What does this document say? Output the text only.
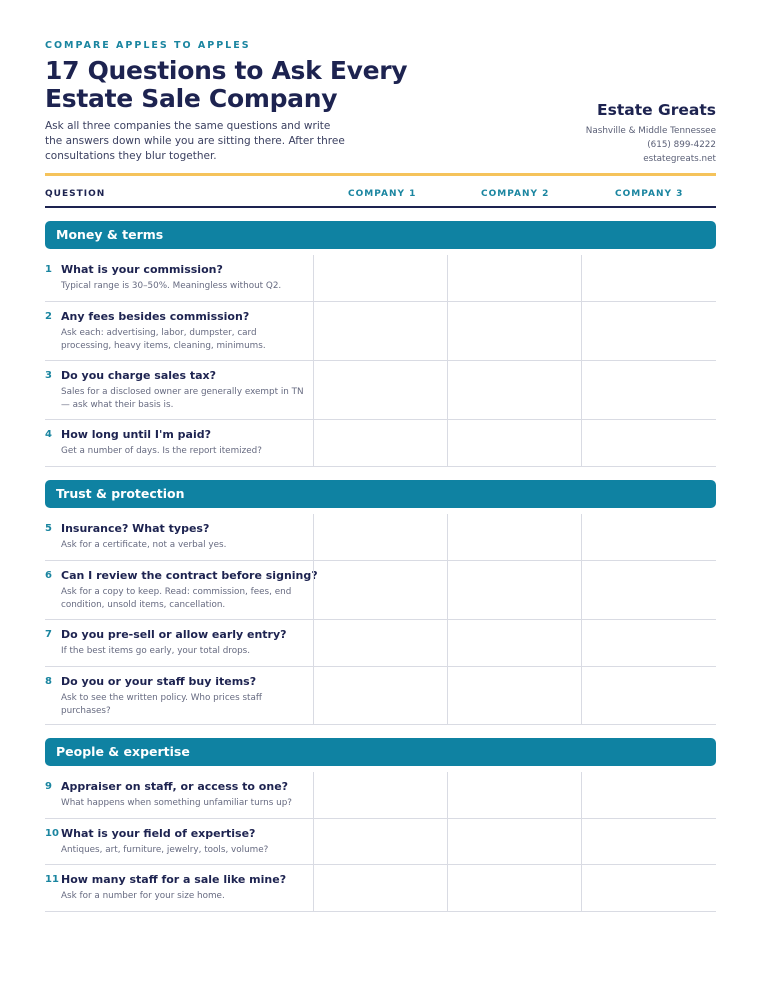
COMPARE APPLES TO APPLES
17 Questions to Ask Every Estate Sale Company

Ask all three companies the same questions and write the answers down while you are sitting there. After three consultations they blur together.

Estate Greats
Nashville & Middle Tennessee
(615) 899-4222
estategreats.net
QUESTION	COMPANY 1	COMPANY 2	COMPANY 3
Money & terms
1 What is your commission?
Typical range is 30–50%. Meaningless without Q2.
2 Any fees besides commission?
Ask each: advertising, labor, dumpster, card processing, heavy items, cleaning, minimums.
3 Do you charge sales tax?
Sales for a disclosed owner are generally exempt in TN — ask what their basis is.
4 How long until I'm paid?
Get a number of days. Is the report itemized?
Trust & protection
5 Insurance? What types?
Ask for a certificate, not a verbal yes.
6 Can I review the contract before signing?
Ask for a copy to keep. Read: commission, fees, end condition, unsold items, cancellation.
7 Do you pre-sell or allow early entry?
If the best items go early, your total drops.
8 Do you or your staff buy items?
Ask to see the written policy. Who prices staff purchases?
People & expertise
9 Appraiser on staff, or access to one?
What happens when something unfamiliar turns up?
10 What is your field of expertise?
Antiques, art, furniture, jewelry, tools, volume?
11 How many staff for a sale like mine?
Ask for a number for your size home.
